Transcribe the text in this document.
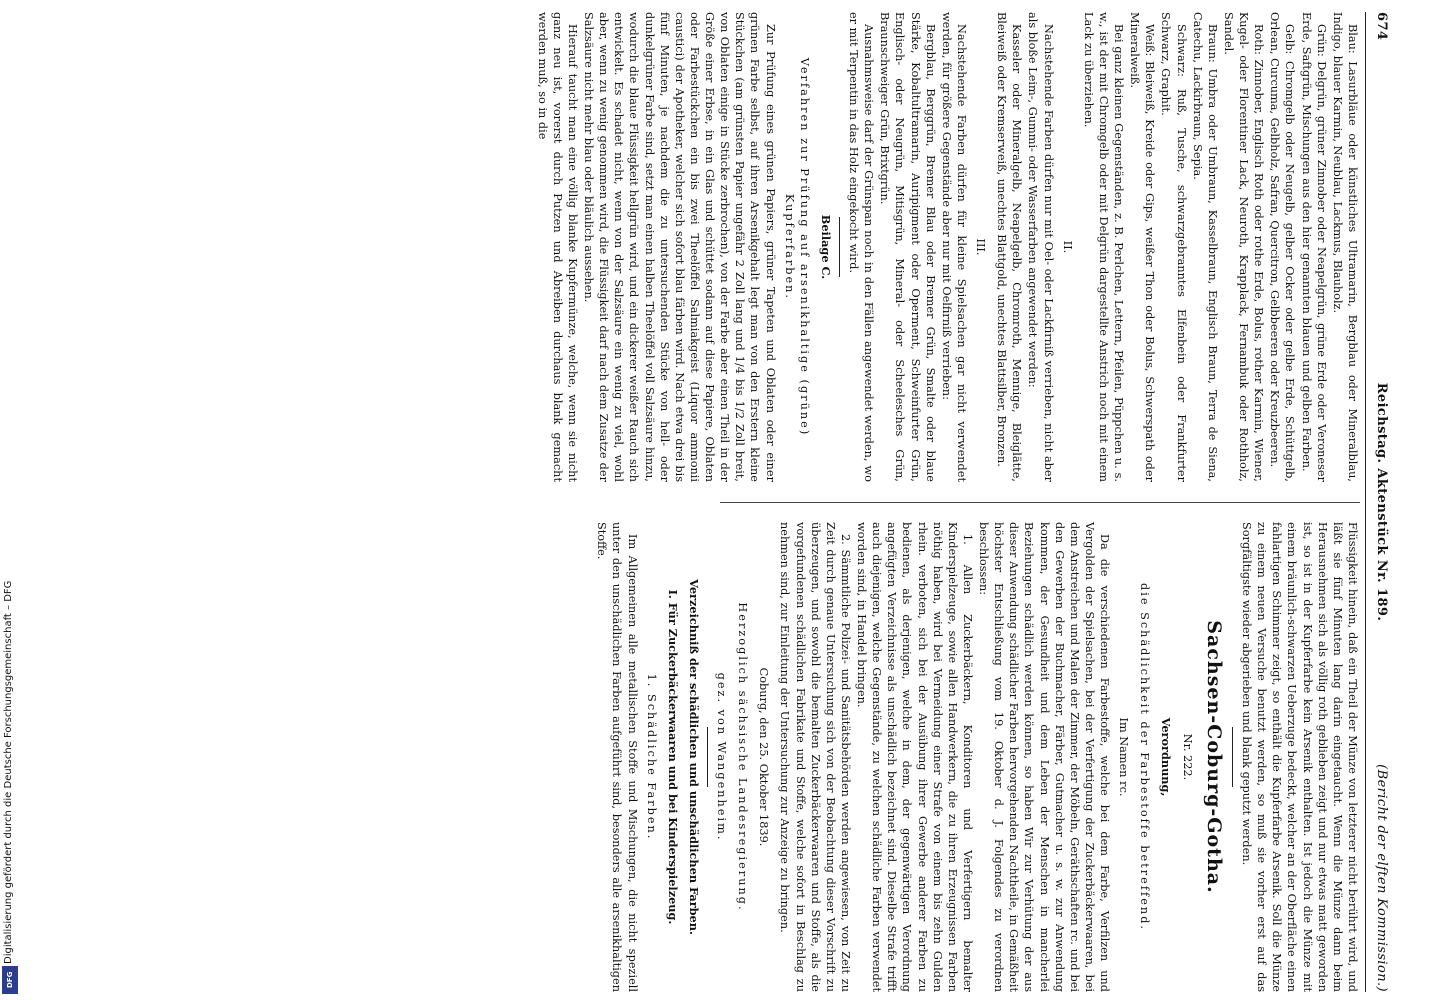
Digitalisierung gefördert durch die Deutsche Forschungsgemeinschaft – DFG
DFG
674
Reichstag. Aktenstück Nr. 189.
(Bericht der elften Kommission.)

Blau: Lasurbläue oder künstliches Ultramarin, Bergblau oder Mineralblau, Indigo, blauer Karmin, Neublau, Lackmus, Blauholz.

Grün: Delgrün, grüner Zinnober oder Neapelgrün, grüne Erde oder Veroneser Erde, Saftgrün, Mischungen aus den hier genannten blauen und gelben Farben.

Gelb: Chromgelb oder Neugelb, gelber Ocker oder gelbe Erde, Schüttgelb, Orlean, Curcuma, Gelbholz, Safran, Quercitron, Gelbbeeren oder Kreuzbeeren.

Roth: Zinnober, Englisch Roth oder rothe Erde, Bolus, rother Karmin, Wiener, Kugel- oder Florentiner Lack, Neuroth, Krapplack, Fernambuk oder Rothholz, Sandel.

Braun: Umbra oder Umbraun, Kasselbraun, Englisch Braun, Terra de Siena, Catechu, Lackirbraun, Sepia.

Schwarz: Ruß, Tusche, schwarzgebranntes Elfenbein oder Frankfurter Schwarz, Graphit.

Weiß: Bleiweiß, Kreide oder Gips, weißer Thon oder Bolus, Schwerspath oder Mineralweiß.

Bei ganz kleinen Gegenständen, z. B. Perlchen, Lettern, Pfeilen, Püppchen u. s. w., ist der mit Chromgelb oder mit Delgrün dargestellte Anstrich noch mit einem Lack zu überziehen.

II.

Nachstehende Farben dürfen nur mit Oel- oder Lackfirniß verrieben, nicht aber als bloße Leim-, Gummi- oder Wasserfarben angewendet werden:

Kasseler oder Mineralgelb, Neapelgelb, Chromroth, Mennige, Bleiglätte, Bleiweiß oder Kremserweiß, unechtes Blattgold, unechtes Blattsilber, Bronzen.

III.

Nachstehende Farben dürfen für kleine Spielsachen gar nicht verwendet werden, für größere Gegenstände aber nur mit Oelfirniß verrieben:

Bergblau, Berggrün, Bremer Blau oder Bremer Grün, Smalte oder blaue Stärke, Kobaltultramarin, Auripigment oder Operment, Schweinfurter Grün, Englisch- oder Neugrün, Mitisgrün, Mineral- oder Scheelesches Grün, Braunschweiger Grün, Brixtgrün.

Ausnahmsweise darf der Grünspan noch in den Fällen angewendet werden, wo er mit Terpentin in das Holz eingekocht wird.

Beilage C.

Verfahren zur Prüfung auf arsenikhaltige (grüne) Kupferfarben.

Zur Prüfung eines grünen Papiers, grüner Tapeten und Oblaten oder einer grünen Farbe selbst, auf ihren Arsenikgehalt legt man von den Erstern kleine Stückchen (am grünsten Papier ungefähr 2 Zoll lang und 1/4 bis 1/2 Zoll breit, von Oblaten einige in Stücke zerbrochen), von der Farbe aber einen Theil in der Größe einer Erbse, in ein Glas und schüttet sodann auf diese Papiere, Oblaten oder Farbestückchen ein bis zwei Theelöffel Salmiakgeist (Liquor ammonii caustici) der Apotheker, welcher sich sofort blau färben wird. Nach etwa drei bis fünf Minuten, je nachdem die zu untersuchenden Stücke von hell- oder dunkelgrüner Farbe sind, setzt man einen halben Theelöffel voll Salzsäure hinzu, wodurch die blaue Flüssigkeit hellgrün wird, und ein dickerer weißer Rauch sich entwickelt. Es schadet nicht, wenn von der Salzsäure ein wenig zu viel, wohl aber, wenn zu wenig genommen wird, die Flüssigkeit darf nach dem Zusatze der Salzsäure nicht mehr blau oder bläulich aussehen.

Hierauf taucht man eine völlig blanke Kupfermünze, welche, wenn sie nicht ganz neu ist, vorerst durch Putzen und Abreiben durchaus blank gemacht werden muß, so in die

Flüssigkeit hinein, daß ein Theil der Münze von letzterer nicht berührt wird, und läßt sie fünf Minuten lang darin eingetaucht. Wenn die Münze dann beim Herausnehmen sich als völlig roth geblieben zeigt und nur etwas matt geworden ist, so ist in der Kupferfarbe kein Arsenik enthalten. Ist jedoch die Münze mit einem bräunlich-schwarzen Ueberzuge bedeckt, welcher an der Oberfläche einen fahlartigen Schimmer zeigt, so enthält die Kupferfarbe Arsenik. Soll die Münze zu einem neuen Versuche benutzt werden, so muß sie vorher erst auf das Sorgfältigste wieder abgerieben und blank geputzt werden.

Sachsen-Coburg-Gotha.

Nr. 222.

Verordnung,

die Schädlichkeit der Farbestoffe betreffend.

Im Namen rc.

Da die verschiedenen Farbestoffe, welche bei dem Farbe, Verfilzen und Vergolden der Spielsachen, bei der Verfertigung der Zuckerbäckerwaaren, bei dem Anstreichen und Malen der Zimmer, der Möbeln, Geräthschaften rc. und bei den Gewerben der Buchmacher, Färber, Gutmacher u. s. w. zur Anwendung kommen, der Gesundheit und dem Leben der Menschen in mancherlei Beziehungen schädlich werden können, so haben Wir zur Verhütung der aus dieser Anwendung schädlicher Farben hervorgehenden Nachtheile, in Gemäßheit höchster Entschließung vom 19. Oktober d. J. Folgendes zu verordnen beschlossen:

1. Allen Zuckerbäckern, Konditoren und Verfertigern bemalter Kinderspielzeuge, sowie allen Handwerkern, die zu ihren Erzeugnissen Farben nöthig haben, wird bei Vermeidung einer Strafe von einem bis zehn Gulden rhein. verboten, sich bei der Ausübung ihrer Gewerbe anderer Farben zu bedienen, als derjenigen, welche in dem, der gegenwärtigen Verordnung angefügten Verzeichnisse als unschädlich bezeichnet sind. Dieselbe Strafe trifft auch diejenigen, welche Gegenstände, zu welchen schädliche Farben verwendet worden sind, in Handel bringen.

2. Sämmtliche Polizei- und Sanitätsbehörden werden angewiesen, von Zeit zu Zeit durch genaue Untersuchung sich von der Beobachtung dieser Vorschrift zu überzeugen, und sowohl die bemalten Zuckerbäckerwaaren und Stoffe, als die vorgefundenen schädlichen Fabrikate und Stoffe, welche sofort in Beschlag zu nehmen sind, zur Einleitung der Untersuchung zur Anzeige zu bringen.

Coburg, den 25. Oktober 1839.

Herzoglich sächsische Landesregierung.

gez. von Wangenheim.

Verzeichniß der schädlichen und unschädlichen Farben.

I. Für Zuckerbäckerwaaren und bei Kinderspielzeug.

1. Schädliche Farben.

Im Allgemeinen alle metallischen Stoffe und Mischungen, die nicht speziell unter den unschädlichen Farben aufgeführt sind, besonders alle arsenikhaltigen Stoffe.
